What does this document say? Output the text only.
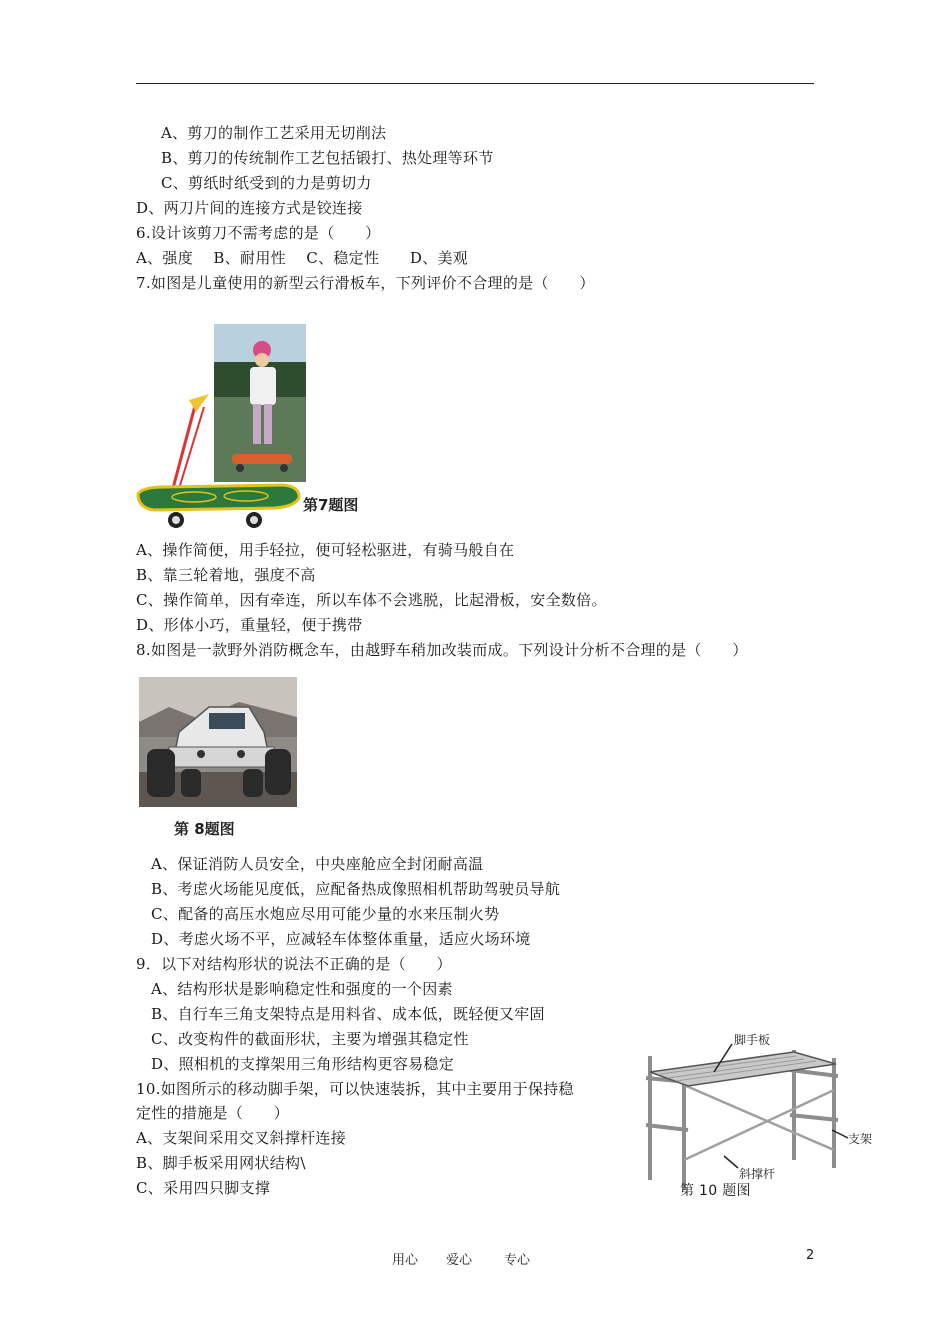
A、剪刀的制作工艺采用无切削法
B、剪刀的传统制作工艺包括锻打、热处理等环节
C、剪纸时纸受到的力是剪切力
D、两刀片间的连接方式是铰连接
6.设计该剪刀不需考虑的是（　　）
A、强度　 B、耐用性　 C、稳定性　　D、美观
7.如图是儿童使用的新型云行滑板车，下列评价不合理的是（　　）
第7题图
A、操作简便，用手轻拉，便可轻松驱进，有骑马般自在
B、靠三轮着地，强度不高
C、操作简单，因有牵连，所以车体不会逃脱，比起滑板，安全数倍。
D、形体小巧，重量轻，便于携带
8.如图是一款野外消防概念车，由越野车稍加改装而成。下列设计分析不合理的是（　　）
第 8题图
A、保证消防人员安全，中央座舱应全封闭耐高温
B、考虑火场能见度低，应配备热成像照相机帮助驾驶员导航
C、配备的高压水炮应尽用可能少量的水来压制火势
D、考虑火场不平，应减轻车体整体重量，适应火场环境
9．以下对结构形状的说法不正确的是（　　）
A、结构形状是影响稳定性和强度的一个因素
B、自行车三角支架特点是用料省、成本低，既轻便又牢固
C、改变构件的截面形状，主要为增强其稳定性
D、照相机的支撑架用三角形结构更容易稳定
10.如图所示的移动脚手架，可以快速装拆，其中主要用于保持稳
定性的措施是（　　）
A、支架间采用交叉斜撑杆连接
B、脚手板采用网状结构\
C、采用四只脚支撑
脚手板
支架
斜撑杆
第 10 题图
用心 爱心 专心	2
